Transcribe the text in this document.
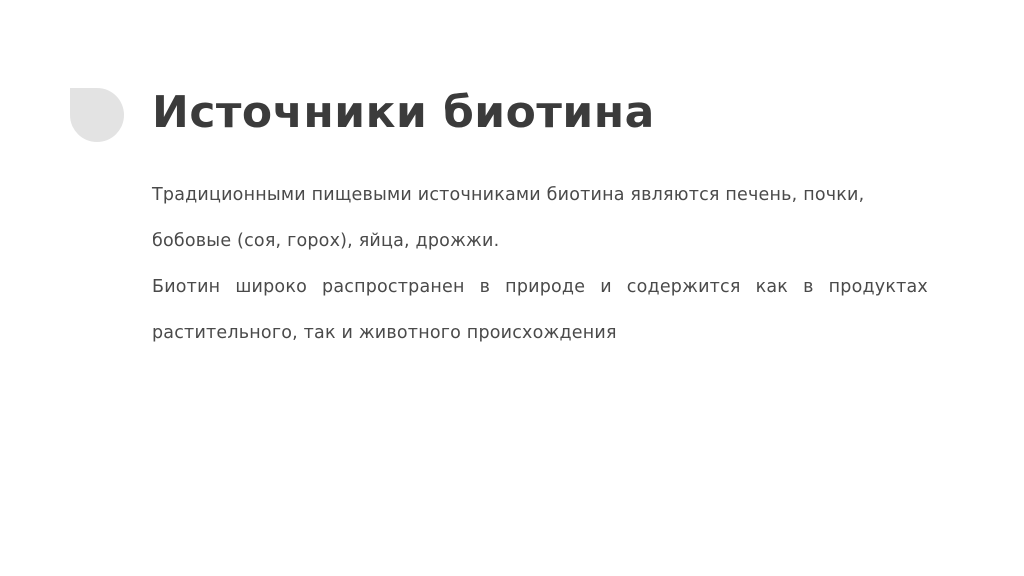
Источники биотина

Традиционными пищевыми источниками биотина являются печень, почки, бобовые (соя, горох), яйца, дрожжи.

Биотин широко распространен в природе и содержится как в продуктах растительного, так и животного происхождения
